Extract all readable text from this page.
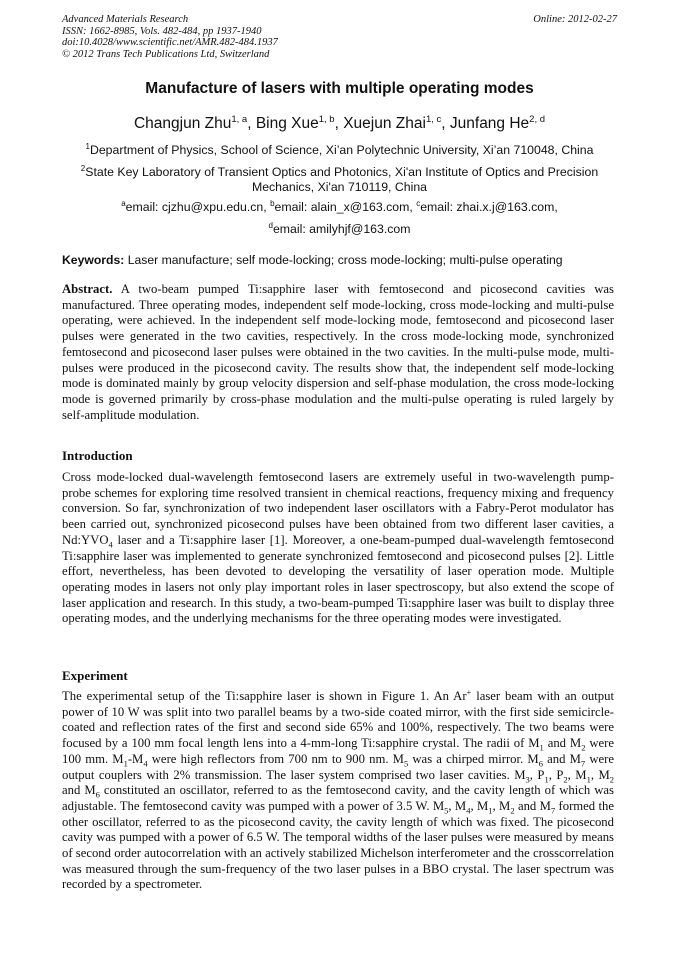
Advanced Materials Research
ISSN: 1662-8985, Vols. 482-484, pp 1937-1940
doi:10.4028/www.scientific.net/AMR.482-484.1937
© 2012 Trans Tech Publications Ltd, Switzerland
Online: 2012-02-27
Manufacture of lasers with multiple operating modes
Changjun Zhu$^{1, a}$, Bing Xue$^{1, b}$, Xuejun Zhai$^{1, c}$, Junfang He$^{2, d}$
$^1$Department of Physics, School of Science, Xi’an Polytechnic University, Xi’an 710048, China
$^2$State Key Laboratory of Transient Optics and Photonics, Xi'an Institute of Optics and Precision Mechanics, Xi'an 710119, China
$^a$email: cjzhu@xpu.edu.cn, $^b$email: alain_x@163.com, $^c$email: zhai.x.j@163.com,
$^d$email: amilyhjf@163.com
Keywords: Laser manufacture; self mode-locking; cross mode-locking; multi-pulse operating
Abstract. A two-beam pumped Ti:sapphire laser with femtosecond and picosecond cavities was manufactured. Three operating modes, independent self mode-locking, cross mode-locking and multi-pulse operating, were achieved. In the independent self mode-locking mode, femtosecond and picosecond laser pulses were generated in the two cavities, respectively. In the cross mode-locking mode, synchronized femtosecond and picosecond laser pulses were obtained in the two cavities. In the multi-pulse mode, multi-pulses were produced in the picosecond cavity. The results show that, the independent self mode-locking mode is dominated mainly by group velocity dispersion and self-phase modulation, the cross mode-locking mode is governed primarily by cross-phase modulation and the multi-pulse operating is ruled largely by self-amplitude modulation.
Introduction
Cross mode-locked dual-wavelength femtosecond lasers are extremely useful in two-wavelength pump-probe schemes for exploring time resolved transient in chemical reactions, frequency mixing and frequency conversion. So far, synchronization of two independent laser oscillators with a Fabry-Perot modulator has been carried out, synchronized picosecond pulses have been obtained from two different laser cavities, a $Nd:YVO_4$ laser and a Ti:sapphire laser [1]. Moreover, a one-beam-pumped dual-wavelength femtosecond Ti:sapphire laser was implemented to generate synchronized femtosecond and picosecond pulses [2]. Little effort, nevertheless, has been devoted to developing the versatility of laser operation mode. Multiple operating modes in lasers not only play important roles in laser spectroscopy, but also extend the scope of laser application and research. In this study, a two-beam-pumped Ti:sapphire laser was built to display three operating modes, and the underlying mechanisms for the three operating modes were investigated.
Experiment
The experimental setup of the Ti:sapphire laser is shown in Figure 1. An Ar+ laser beam with an output power of 10 W was split into two parallel beams by a two-side coated mirror, with the first side semicircle-coated and reflection rates of the first and second side 65% and 100%, respectively. The two beams were focused by a 100 mm focal length lens into a 4-mm-long Ti:sapphire crystal. The radii of $M_1$ and $M_2$ were 100 mm. $M_1-M_4$ were high reflectors from 700 nm to 900 nm. $M_5$ was a chirped mirror. $M_6$ and $M_7$ were output couplers with 2% transmission. The laser system comprised two laser cavities. $M_3$, $P_1$, $P_2$, $M_1$, $M_2$ and $M_6$ constituted an oscillator, referred to as the femtosecond cavity, and the cavity length of which was adjustable. The femtosecond cavity was pumped with a power of 3.5 W. $M_5$, $M_4$, $M_1$, $M_2$ and $M_7$ formed the other oscillator, referred to as the picosecond cavity, the cavity length of which was fixed. The picosecond cavity was pumped with a power of 6.5 W. The temporal widths of the laser pulses were measured by means of second order autocorrelation with an actively stabilized Michelson interferometer and the crosscorrelation was measured through the sum-frequency of the two laser pulses in a BBO crystal. The laser spectrum was recorded by a spectrometer.
